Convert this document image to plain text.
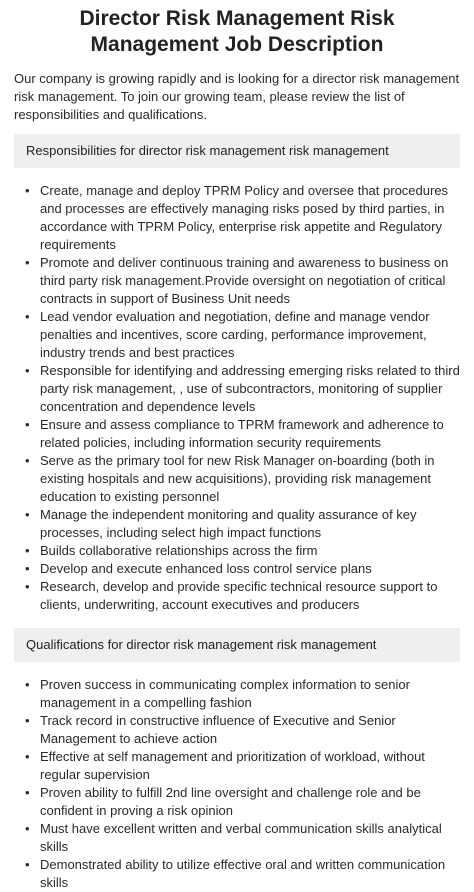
Director Risk Management Risk Management Job Description

Our company is growing rapidly and is looking for a director risk management risk management. To join our growing team, please review the list of responsibilities and qualifications.

Responsibilities for director risk management risk management
• Create, manage and deploy TPRM Policy and oversee that procedures and processes are effectively managing risks posed by third parties, in accordance with TPRM Policy, enterprise risk appetite and Regulatory requirements
• Promote and deliver continuous training and awareness to business on third party risk management.Provide oversight on negotiation of critical contracts in support of Business Unit needs
• Lead vendor evaluation and negotiation, define and manage vendor penalties and incentives, score carding, performance improvement, industry trends and best practices
• Responsible for identifying and addressing emerging risks related to third party risk management, , use of subcontractors, monitoring of supplier concentration and dependence levels
• Ensure and assess compliance to TPRM framework and adherence to related policies, including information security requirements
• Serve as the primary tool for new Risk Manager on-boarding (both in existing hospitals and new acquisitions), providing risk management education to existing personnel
• Manage the independent monitoring and quality assurance of key processes, including select high impact functions
• Builds collaborative relationships across the firm
• Develop and execute enhanced loss control service plans
• Research, develop and provide specific technical resource support to clients, underwriting, account executives and producers
Qualifications for director risk management risk management
• Proven success in communicating complex information to senior management in a compelling fashion
• Track record in constructive influence of Executive and Senior Management to achieve action
• Effective at self management and prioritization of workload, without regular supervision
• Proven ability to fulfill 2nd line oversight and challenge role and be confident in proving a risk opinion
• Must have excellent written and verbal communication skills analytical skills
• Demonstrated ability to utilize effective oral and written communication skills
